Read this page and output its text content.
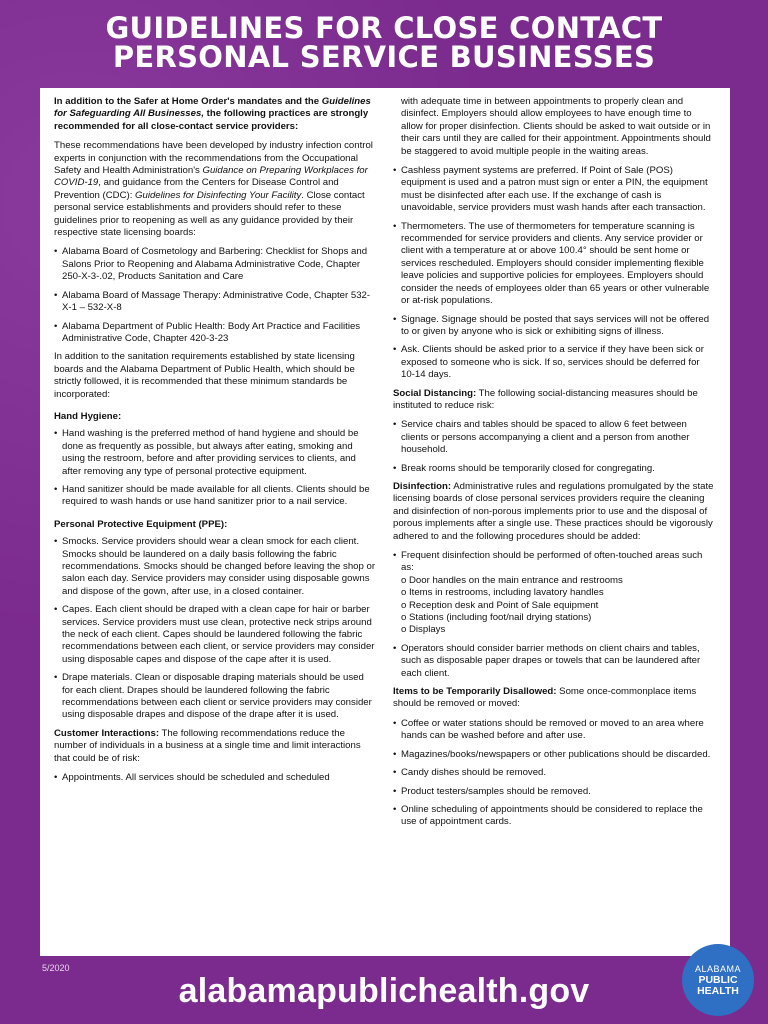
GUIDELINES FOR CLOSE CONTACT
PERSONAL SERVICE BUSINESSES

In addition to the Safer at Home Order's mandates and the Guidelines for Safeguarding All Businesses, the following practices are strongly recommended for all close-contact service providers:

These recommendations have been developed by industry infection control experts in conjunction with the recommendations from the Occupational Safety and Health Administration's Guidance on Preparing Workplaces for COVID-19, and guidance from the Centers for Disease Control and Prevention (CDC): Guidelines for Disinfecting Your Facility. Close contact personal service establishments and providers should refer to these guidelines prior to reopening as well as any guidance provided by their respective state licensing boards:

• Alabama Board of Cosmetology and Barbering: Checklist for Shops and Salons Prior to Reopening and Alabama Administrative Code, Chapter 250-X-3-.02, Products Sanitation and Care
• Alabama Board of Massage Therapy: Administrative Code, Chapter 532-X-1 – 532-X-8
• Alabama Department of Public Health: Body Art Practice and Facilities Administrative Code, Chapter 420-3-23

In addition to the sanitation requirements established by state licensing boards and the Alabama Department of Public Health, which should be strictly followed, it is recommended that these minimum standards be incorporated:

Hand Hygiene:
• Hand washing is the preferred method of hand hygiene and should be done as frequently as possible, but always after eating, smoking and using the restroom, before and after providing services to clients, and after removing any type of personal protective equipment.
• Hand sanitizer should be made available for all clients. Clients should be required to wash hands or use hand sanitizer prior to a nail service.
Personal Protective Equipment (PPE):
• Smocks. Service providers should wear a clean smock for each client. Smocks should be laundered on a daily basis following the fabric recommendations. Smocks should be changed before leaving the shop or salon each day. Service providers may consider using disposable gowns and dispose of the gown, after use, in a closed container.
• Capes. Each client should be draped with a clean cape for hair or barber services. Service providers must use clean, protective neck strips around the neck of each client. Capes should be laundered following the fabric recommendations between each client, or service providers may consider using disposable capes and dispose of the cape after it is used.
• Drape materials. Clean or disposable draping materials should be used for each client. Drapes should be laundered following the fabric recommendations between each client or service providers may consider using disposable drapes and dispose of the drape after it is used.

Customer Interactions: The following recommendations reduce the number of individuals in a business at a single time and limit interactions that could be of risk:

• Appointments. All services should be scheduled and scheduled

with adequate time in between appointments to properly clean and disinfect. Employers should allow employees to have enough time to allow for proper disinfection. Clients should be asked to wait outside or in their cars until they are called for their appointment. Appointments should be staggered to avoid multiple people in the waiting areas.

• Cashless payment systems are preferred. If Point of Sale (POS) equipment is used and a patron must sign or enter a PIN, the equipment must be disinfected after each use. If the exchange of cash is unavoidable, service providers must wash hands after each transaction.
• Thermometers. The use of thermometers for temperature scanning is recommended for service providers and clients. Any service provider or client with a temperature at or above 100.4° should be sent home or services rescheduled. Employers should consider implementing flexible leave policies and supportive policies for employees. Employers should consider the needs of employees older than 65 years or other vulnerable or at-risk populations.
• Signage. Signage should be posted that says services will not be offered to or given by anyone who is sick or exhibiting signs of illness.
• Ask. Clients should be asked prior to a service if they have been sick or exposed to someone who is sick. If so, services should be deferred for 10-14 days.

Social Distancing: The following social-distancing measures should be instituted to reduce risk:

• Service chairs and tables should be spaced to allow 6 feet between clients or persons accompanying a client and a person from another household.
• Break rooms should be temporarily closed for congregating.

Disinfection: Administrative rules and regulations promulgated by the state licensing boards of close personal services providers require the cleaning and disinfection of non-porous implements prior to use and the disposal of porous implements after a single use. These practices should be vigorously adhered to and the following procedures should be added:

• Frequent disinfection should be performed of often-touched areas such as:
o Door handles on the main entrance and restrooms
o Items in restrooms, including lavatory handles
o Reception desk and Point of Sale equipment
o Stations (including foot/nail drying stations)
o Displays
• Operators should consider barrier methods on client chairs and tables, such as disposable paper drapes or towels that can be laundered after each client.

Items to be Temporarily Disallowed: Some once-commonplace items should be removed or moved:

• Coffee or water stations should be removed or moved to an area where hands can be washed before and after use.
• Magazines/books/newspapers or other publications should be discarded.
• Candy dishes should be removed.
• Product testers/samples should be removed.
• Online scheduling of appointments should be considered to replace the use of appointment cards.
5/2020
alabamapublichealth.gov
ALABAMA
PUBLIC
HEALTH
